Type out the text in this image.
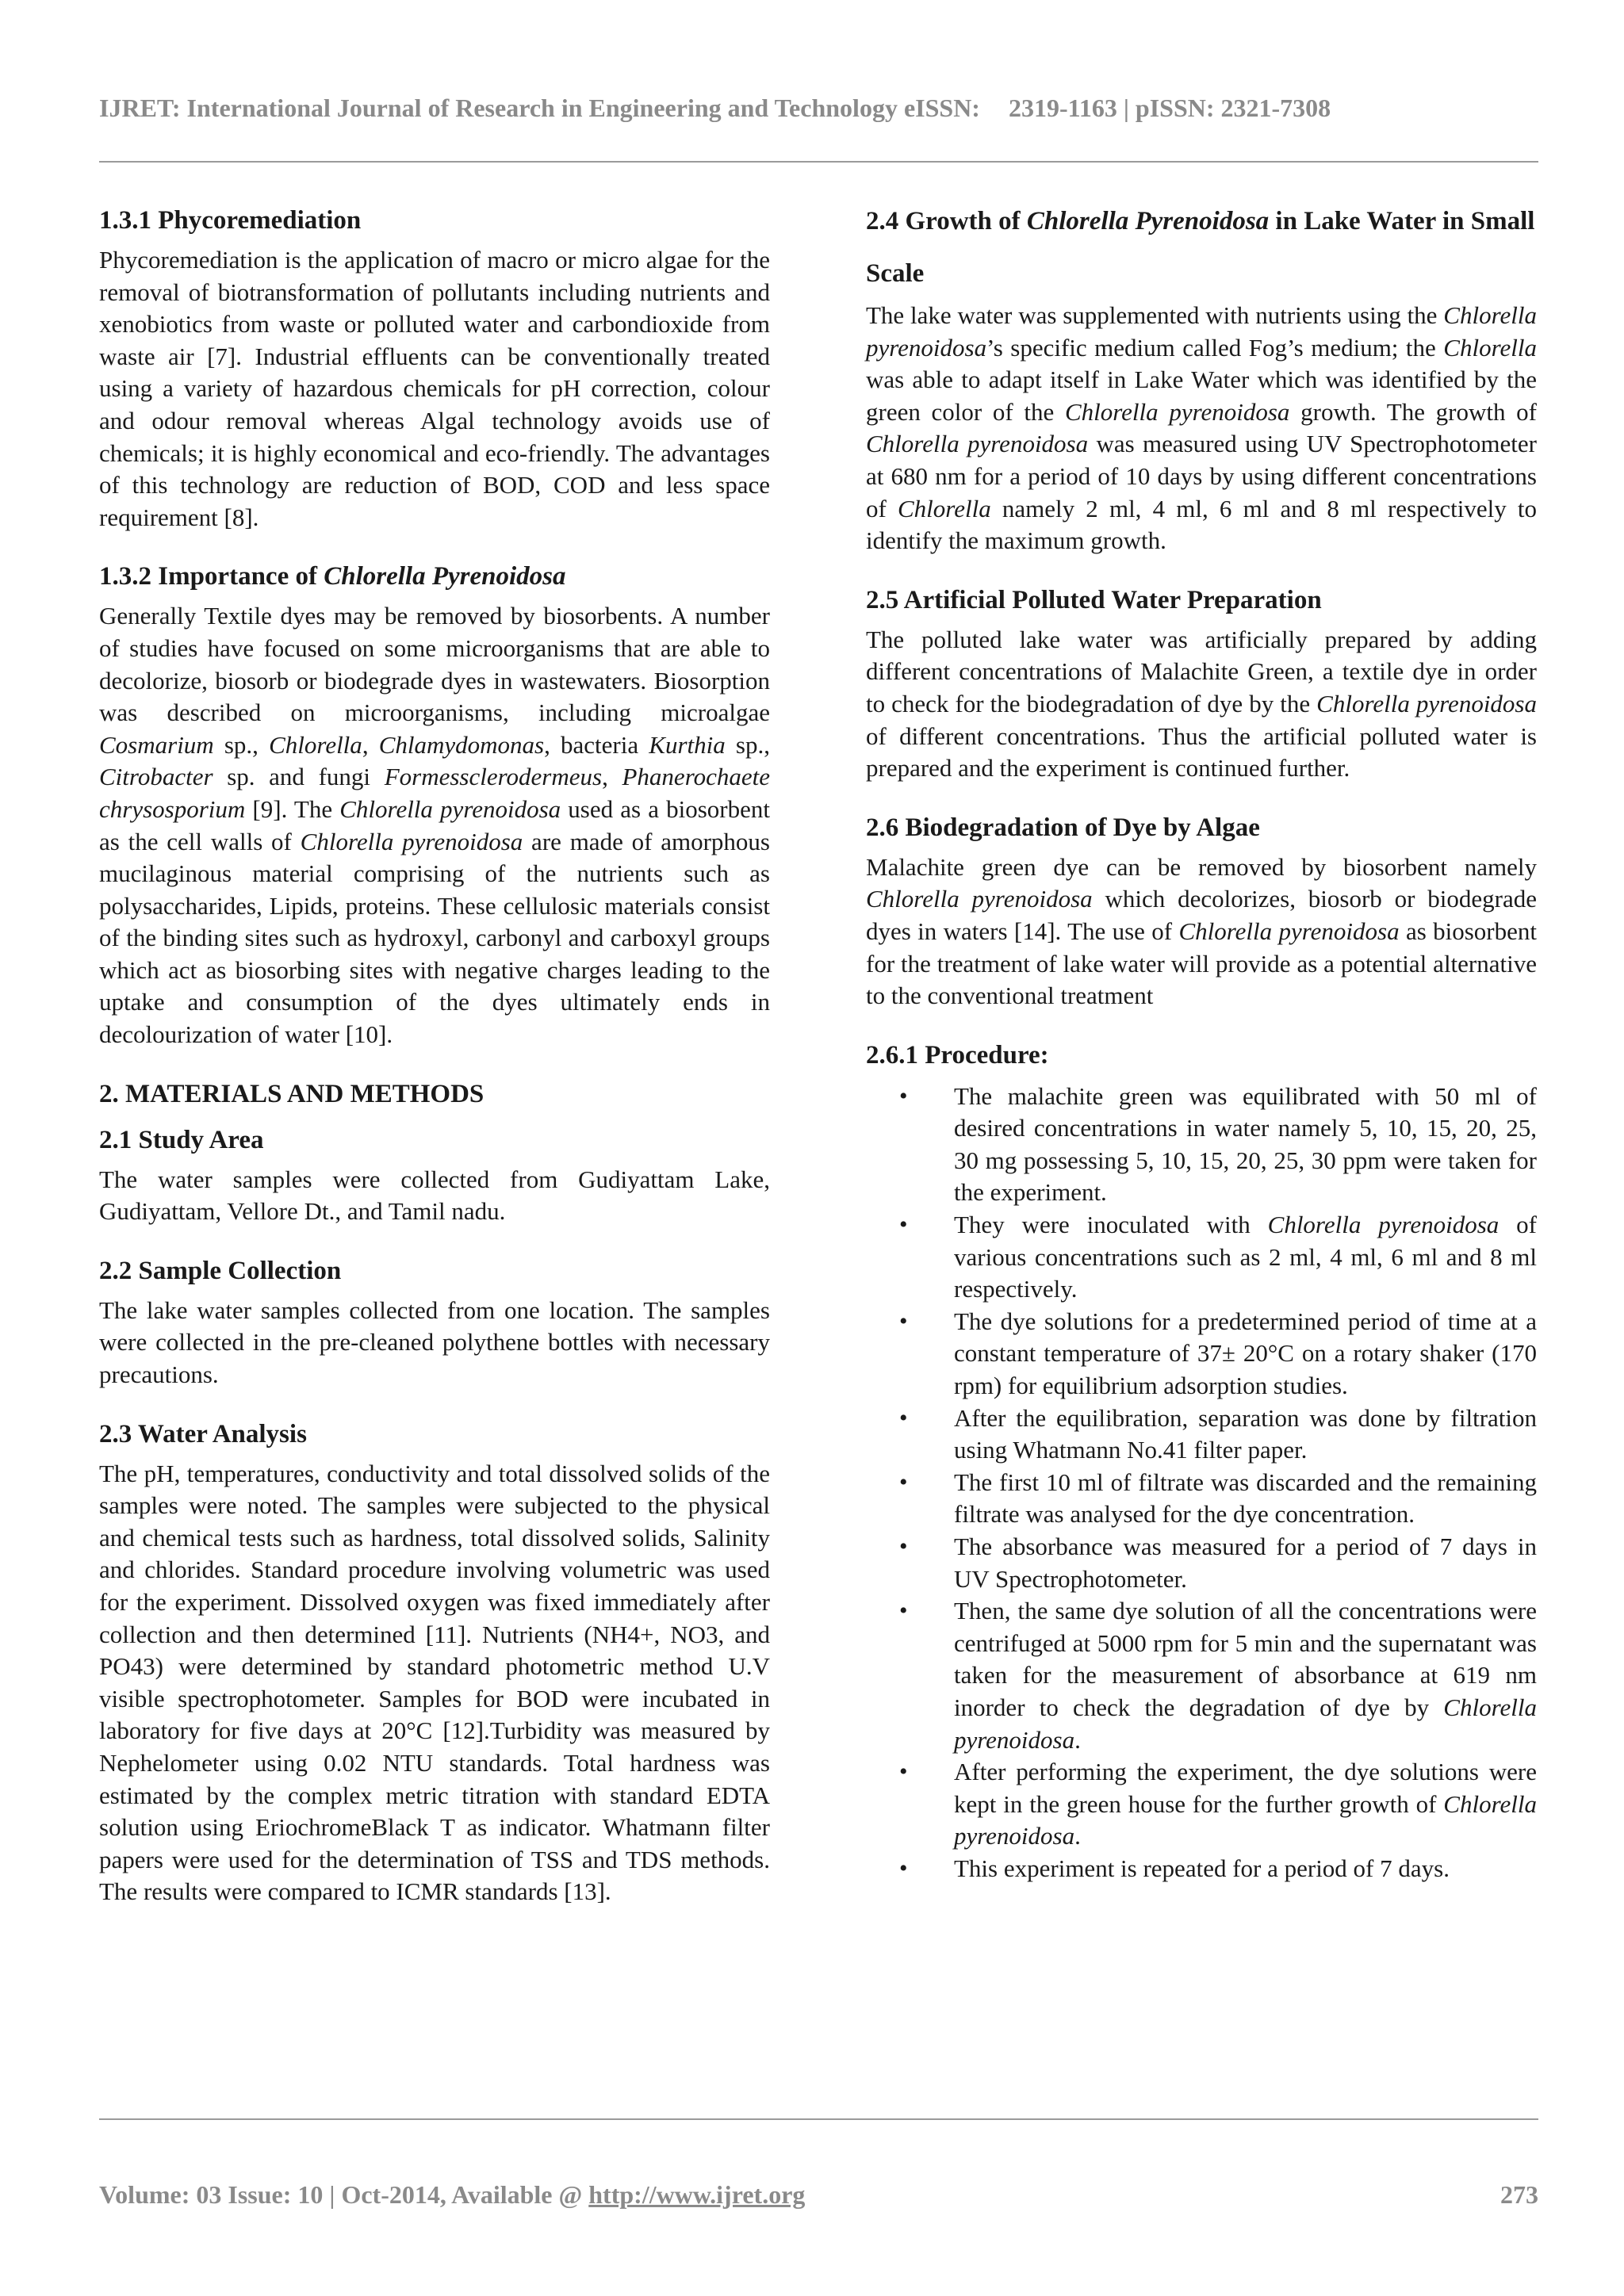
IJRET: International Journal of Research in Engineering and Technology eISSN: 2319-1163 | pISSN: 2321-7308
1.3.1 Phycoremediation

Phycoremediation is the application of macro or micro algae for the removal of biotransformation of pollutants including nutrients and xenobiotics from waste or polluted water and carbondioxide from waste air [7]. Industrial effluents can be conventionally treated using a variety of hazardous chemicals for pH correction, colour and odour removal whereas Algal technology avoids use of chemicals; it is highly economical and eco-friendly. The advantages of this technology are reduction of BOD, COD and less space requirement [8].

1.3.2 Importance of Chlorella Pyrenoidosa

Generally Textile dyes may be removed by biosorbents. A number of studies have focused on some microorganisms that are able to decolorize, biosorb or biodegrade dyes in wastewaters. Biosorption was described on microorganisms, including microalgae Cosmarium sp., Chlorella, Chlamydomonas, bacteria Kurthia sp., Citrobacter sp. and fungi Formessclerodermeus, Phanerochaete chrysosporium [9]. The Chlorella pyrenoidosa used as a biosorbent as the cell walls of Chlorella pyrenoidosa are made of amorphous mucilaginous material comprising of the nutrients such as polysaccharides, Lipids, proteins. These cellulosic materials consist of the binding sites such as hydroxyl, carbonyl and carboxyl groups which act as biosorbing sites with negative charges leading to the uptake and consumption of the dyes ultimately ends in decolourization of water [10].

2. MATERIALS AND METHODS
2.1 Study Area

The water samples were collected from Gudiyattam Lake, Gudiyattam, Vellore Dt., and Tamil nadu.

2.2 Sample Collection

The lake water samples collected from one location. The samples were collected in the pre-cleaned polythene bottles with necessary precautions.

2.3 Water Analysis

The pH, temperatures, conductivity and total dissolved solids of the samples were noted. The samples were subjected to the physical and chemical tests such as hardness, total dissolved solids, Salinity and chlorides. Standard procedure involving volumetric was used for the experiment. Dissolved oxygen was fixed immediately after collection and then determined [11]. Nutrients (NH4+, NO3, and PO43) were determined by standard photometric method U.V visible spectrophotometer. Samples for BOD were incubated in laboratory for five days at 20°C [12].Turbidity was measured by Nephelometer using 0.02 NTU standards. Total hardness was estimated by the complex metric titration with standard EDTA solution using EriochromeBlack T as indicator. Whatmann filter papers were used for the determination of TSS and TDS methods. The results were compared to ICMR standards [13].

2.4 Growth of Chlorella Pyrenoidosa in Lake Water in Small Scale

The lake water was supplemented with nutrients using the Chlorella pyrenoidosa’s specific medium called Fog’s medium; the Chlorella was able to adapt itself in Lake Water which was identified by the green color of the Chlorella pyrenoidosa growth. The growth of Chlorella pyrenoidosa was measured using UV Spectrophotometer at 680 nm for a period of 10 days by using different concentrations of Chlorella namely 2 ml, 4 ml, 6 ml and 8 ml respectively to identify the maximum growth.

2.5 Artificial Polluted Water Preparation

The polluted lake water was artificially prepared by adding different concentrations of Malachite Green, a textile dye in order to check for the biodegradation of dye by the Chlorella pyrenoidosa of different concentrations. Thus the artificial polluted water is prepared and the experiment is continued further.

2.6 Biodegradation of Dye by Algae

Malachite green dye can be removed by biosorbent namely Chlorella pyrenoidosa which decolorizes, biosorb or biodegrade dyes in waters [14]. The use of Chlorella pyrenoidosa as biosorbent for the treatment of lake water will provide as a potential alternative to the conventional treatment

2.6.1 Procedure:
• The malachite green was equilibrated with 50 ml of desired concentrations in water namely 5, 10, 15, 20, 25, 30 mg possessing 5, 10, 15, 20, 25, 30 ppm were taken for the experiment.
• They were inoculated with Chlorella pyrenoidosa of various concentrations such as 2 ml, 4 ml, 6 ml and 8 ml respectively.
• The dye solutions for a predetermined period of time at a constant temperature of 37± 20°C on a rotary shaker (170 rpm) for equilibrium adsorption studies.
• After the equilibration, separation was done by filtration using Whatmann No.41 filter paper.
• The first 10 ml of filtrate was discarded and the remaining filtrate was analysed for the dye concentration.
• The absorbance was measured for a period of 7 days in UV Spectrophotometer.
• Then, the same dye solution of all the concentrations were centrifuged at 5000 rpm for 5 min and the supernatant was taken for the measurement of absorbance at 619 nm inorder to check the degradation of dye by Chlorella pyrenoidosa.
• After performing the experiment, the dye solutions were kept in the green house for the further growth of Chlorella pyrenoidosa.
• This experiment is repeated for a period of 7 days.
Volume: 03 Issue: 10 | Oct-2014, Available @ http://www.ijret.org	273
